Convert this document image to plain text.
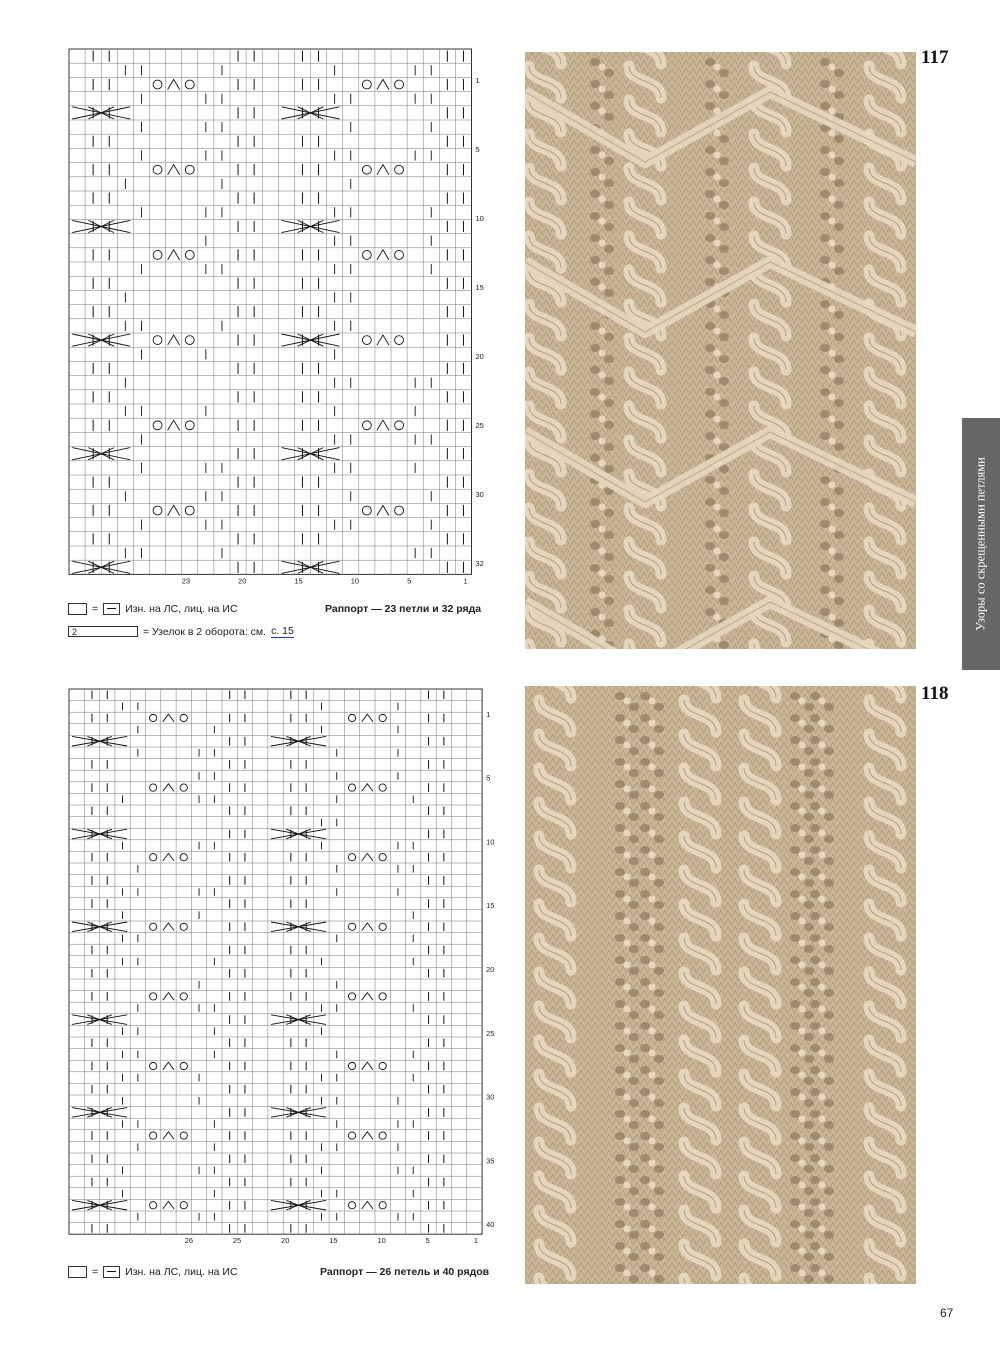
1
5
10
15
20
25
30
32
23	20	15	10	5	1
117
=	Изн. на ЛС, лиц. на ИС
2	= Узелок в 2 оборота: см. с. 15
Раппорт — 23 петли и 32 ряда
1
5
10
15
20
25
30
35
40
26	25	20	15	10	5	1
118
=	Изн. на ЛС, лиц. на ИС	Раппорт — 26 петель и 40 рядов
Узоры со скрещенными петлями
67
